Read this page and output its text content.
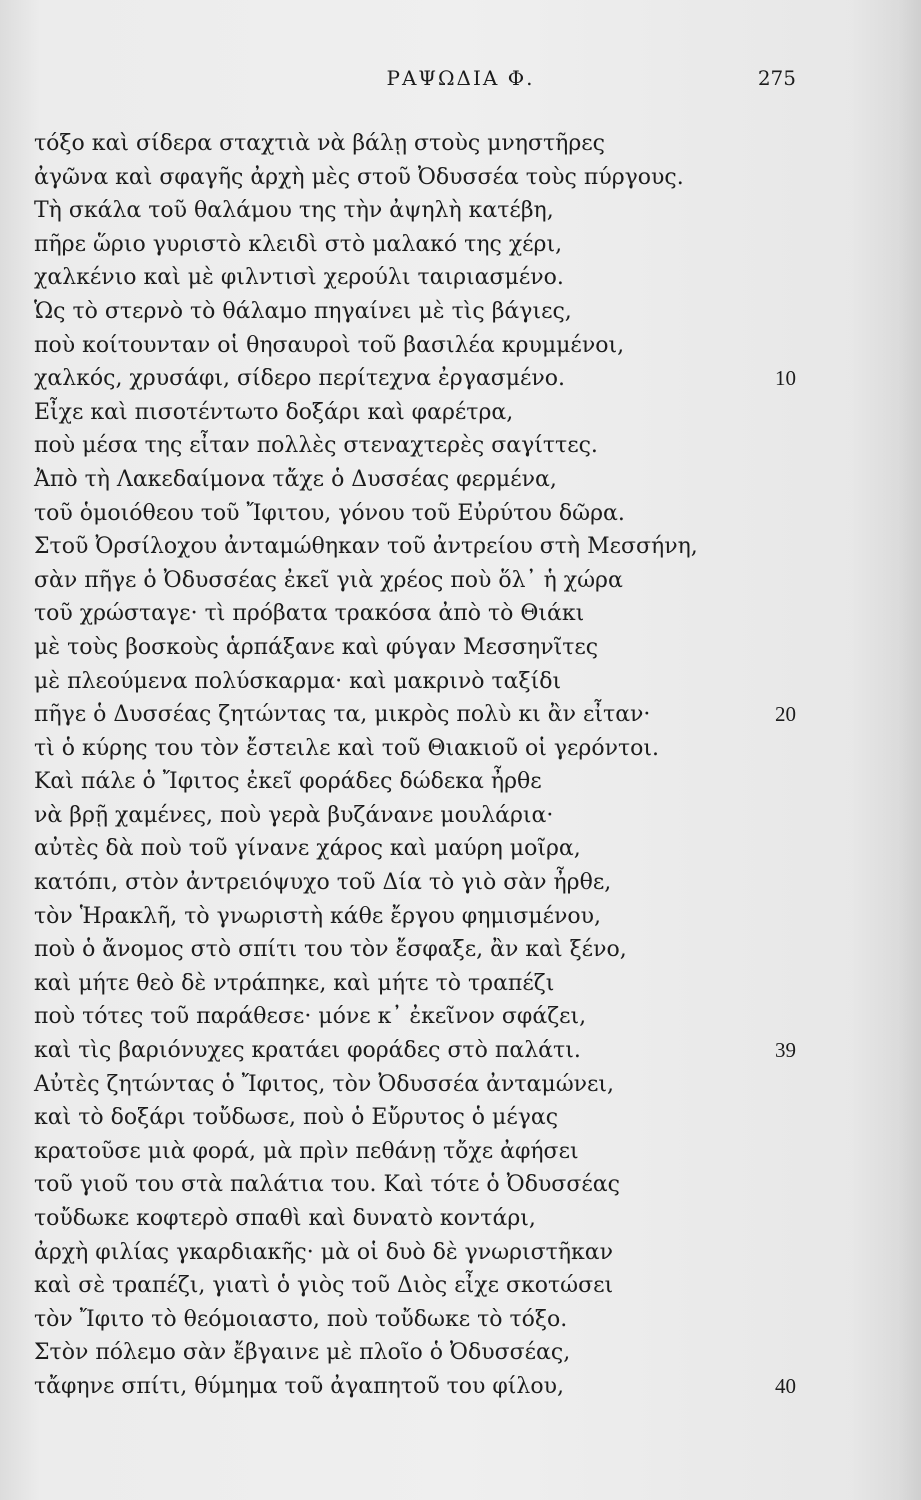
ΡΑΨΩΔΙΑ Φ.	275
τόξο καὶ σίδερα σταχτιὰ νὰ βάλῃ στοὺς μνηστῆρες
ἀγῶνα καὶ σφαγῆς ἀρχὴ μὲς στοῦ Ὀδυσσέα τοὺς πύργους.
Τὴ σκάλα τοῦ θαλάμου της τὴν ἀψηλὴ κατέβη,
πῆρε ὥριο γυριστὸ κλειδὶ στὸ μαλακό της χέρι,
χαλκένιο καὶ μὲ φιλντισὶ χερούλι ταιριασμένο.
Ὡς τὸ στερνὸ τὸ θάλαμο πηγαίνει μὲ τὶς βάγιες,
ποὺ κοίτουνταν οἱ θησαυροὶ τοῦ βασιλέα κρυμμένοι,
χαλκός, χρυσάφι, σίδερο περίτεχνα ἐργασμένο.	10
Εἶχε καὶ πισοτέντωτο δοξάρι καὶ φαρέτρα,
ποὺ μέσα της εἶταν πολλὲς στεναχτερὲς σαγίττες.
Ἀπὸ τὴ Λακεδαίμονα τἄχε ὁ Δυσσέας φερμένα,
τοῦ ὁμοιόθεου τοῦ Ἴφιτου, γόνου τοῦ Εὐρύτου δῶρα.
Στοῦ Ὀρσίλοχου ἀνταμώθηκαν τοῦ ἀντρείου στὴ Μεσσήνη,
σὰν πῆγε ὁ Ὀδυσσέας ἐκεῖ γιὰ χρέος ποὺ ὅλ᾽ ἡ χώρα
τοῦ χρώσταγε· τὶ πρόβατα τρακόσα ἀπὸ τὸ Θιάκι
μὲ τοὺς βοσκοὺς ἁρπάξανε καὶ φύγαν Μεσσηνῖτες
μὲ πλεούμενα πολύσκαρμα· καὶ μακρινὸ ταξίδι
πῆγε ὁ Δυσσέας ζητώντας τα, μικρὸς πολὺ κι ἂν εἶταν·	20
τὶ ὁ κύρης του τὸν ἔστειλε καὶ τοῦ Θιακιοῦ οἱ γερόντοι.
Καὶ πάλε ὁ Ἴφιτος ἐκεῖ φοράδες δώδεκα ἦρθε
νὰ βρῇ χαμένες, ποὺ γερὰ βυζάνανε μουλάρια·
αὐτὲς δὰ ποὺ τοῦ γίνανε χάρος καὶ μαύρη μοῖρα,
κατόπι, στὸν ἀντρειόψυχο τοῦ Δία τὸ γιὸ σὰν ἦρθε,
τὸν Ἡρακλῆ, τὸ γνωριστὴ κάθε ἔργου φημισμένου,
ποὺ ὁ ἄνομος στὸ σπίτι του τὸν ἔσφαξε, ἂν καὶ ξένο,
καὶ μήτε θεὸ δὲ ντράπηκε, καὶ μήτε τὸ τραπέζι
ποὺ τότες τοῦ παράθεσε· μόνε κ᾽ ἐκεῖνον σφάζει,
καὶ τὶς βαριόνυχες κρατάει φοράδες στὸ παλάτι.	39
Αὐτὲς ζητώντας ὁ Ἴφιτος, τὸν Ὀδυσσέα ἀνταμώνει,
καὶ τὸ δοξάρι τοὔδωσε, ποὺ ὁ Εὔρυτος ὁ μέγας
κρατοῦσε μιὰ φορά, μὰ πρὶν πεθάνῃ τὄχε ἀφήσει
τοῦ γιοῦ του στὰ παλάτια του. Καὶ τότε ὁ Ὀδυσσέας
τοὔδωκε κοφτερὸ σπαθὶ καὶ δυνατὸ κοντάρι,
ἀρχὴ φιλίας γκαρδιακῆς· μὰ οἱ δυὸ δὲ γνωριστῆκαν
καὶ σὲ τραπέζι, γιατὶ ὁ γιὸς τοῦ Διὸς εἶχε σκοτώσει
τὸν Ἴφιτο τὸ θεόμοιαστο, ποὺ τοὔδωκε τὸ τόξο.
Στὸν πόλεμο σὰν ἔβγαινε μὲ πλοῖο ὁ Ὀδυσσέας,
τἄφηνε σπίτι, θύμημα τοῦ ἀγαπητοῦ του φίλου,	40
